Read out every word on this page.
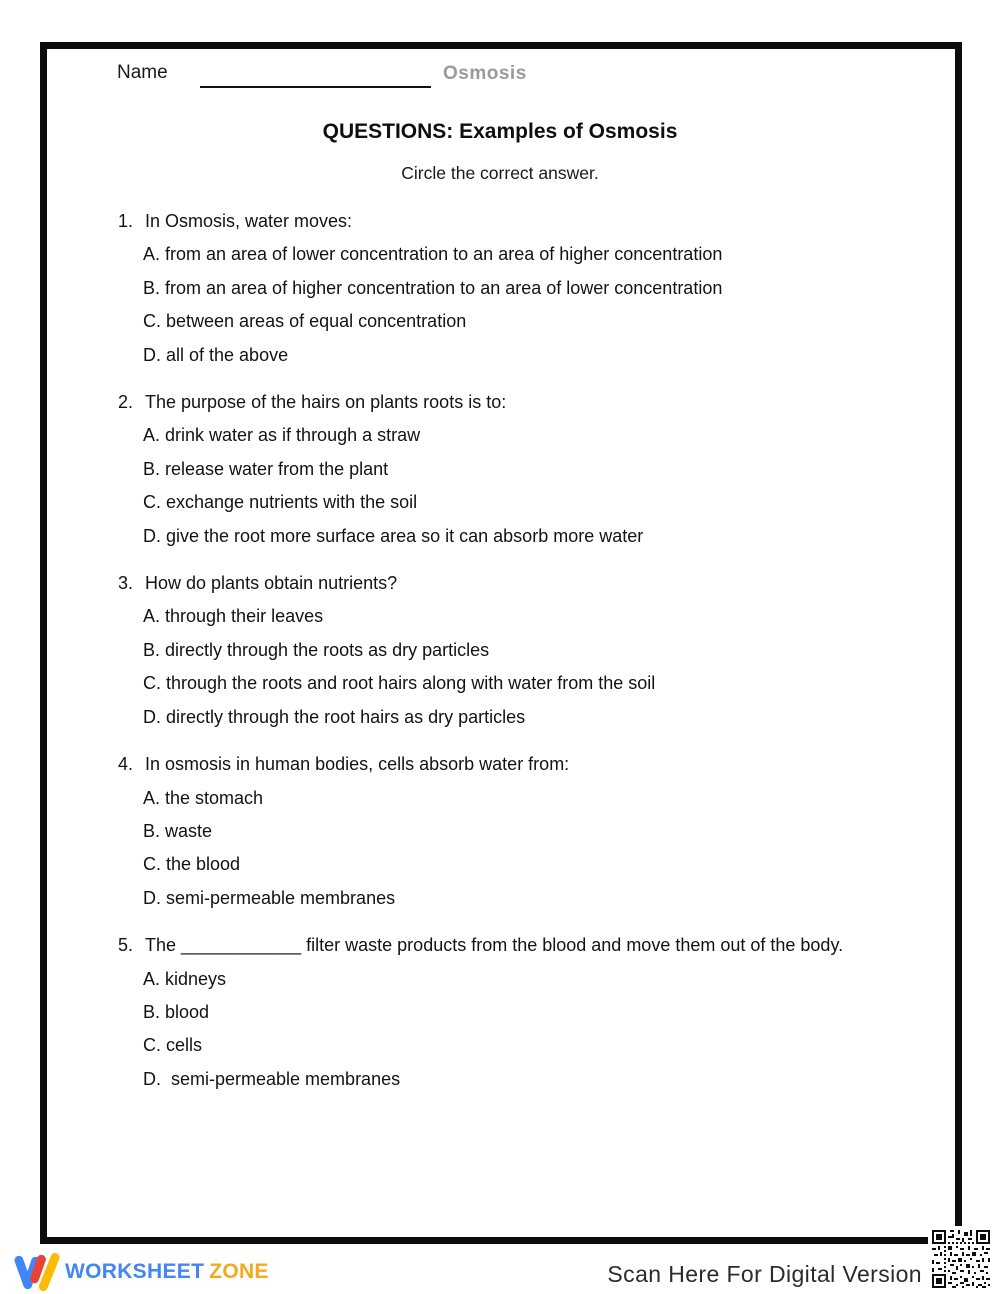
Name	Osmosis
QUESTIONS: Examples of Osmosis
Circle the correct answer.
1. In Osmosis, water moves:
A. from an area of lower concentration to an area of higher concentration
B. from an area of higher concentration to an area of lower concentration
C. between areas of equal concentration
D. all of the above
2. The purpose of the hairs on plants roots is to:
A. drink water as if through a straw
B. release water from the plant
C. exchange nutrients with the soil
D. give the root more surface area so it can absorb more water
3. How do plants obtain nutrients?
A. through their leaves
B. directly through the roots as dry particles
C. through the roots and root hairs along with water from the soil
D. directly through the root hairs as dry particles
4. In osmosis in human bodies, cells absorb water from:
A. the stomach
B. waste
C. the blood
D. semi-permeable membranes
5. The ____________ filter waste products from the blood and move them out of the body.
A. kidneys
B. blood
C. cells
D.  semi-permeable membranes
WORKSHEET ZONE	Scan Here For Digital Version
